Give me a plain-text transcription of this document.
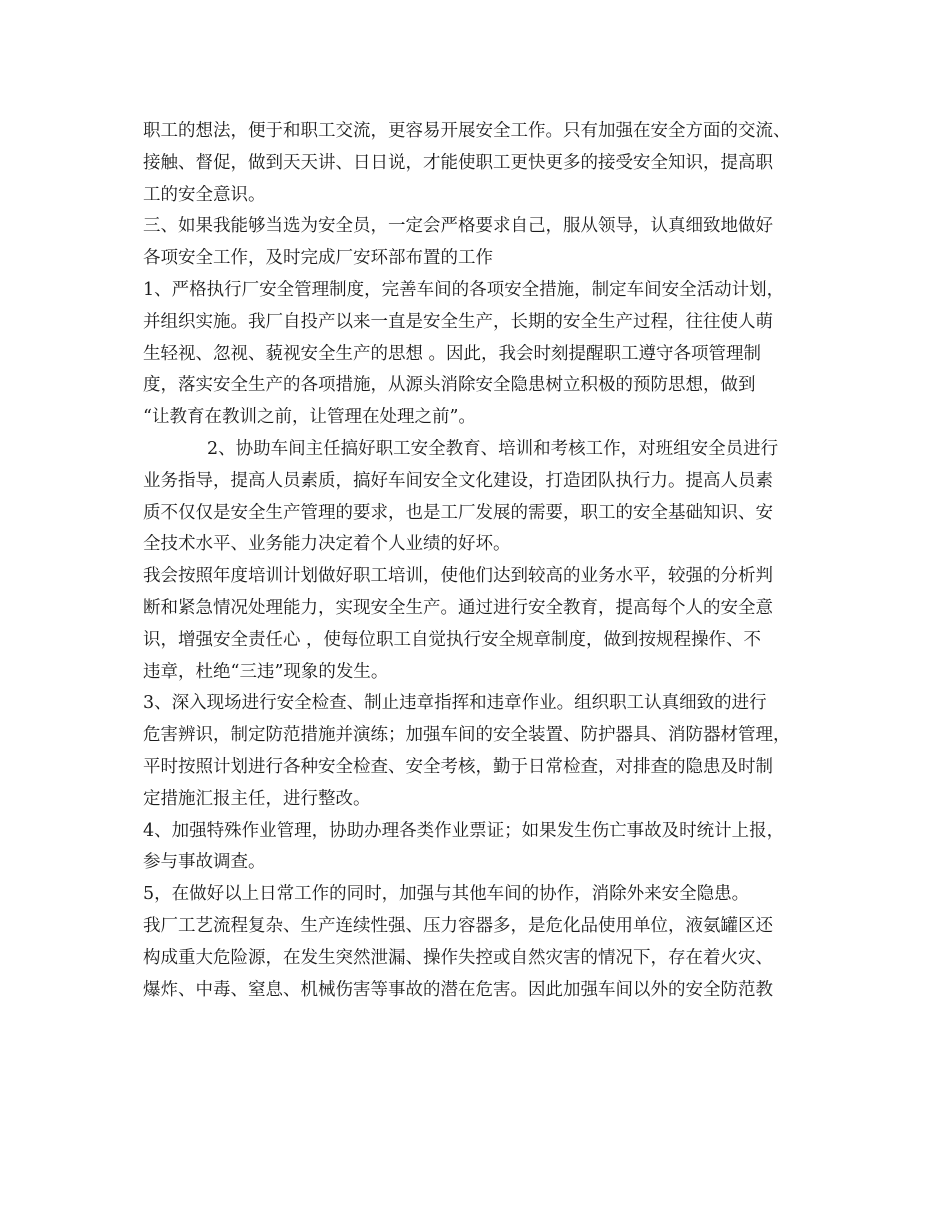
职工的想法，便于和职工交流，更容易开展安全工作。只有加强在安全方面的交流、
接触、督促，做到天天讲、日日说，才能使职工更快更多的接受安全知识，提高职
工的安全意识。
三、如果我能够当选为安全员，一定会严格要求自己，服从领导，认真细致地做好
各项安全工作，及时完成厂安环部布置的工作
1、严格执行厂安全管理制度，完善车间的各项安全措施，制定车间安全活动计划，
并组织实施。我厂自投产以来一直是安全生产，长期的安全生产过程，往往使人萌
生轻视、忽视、藐视安全生产的思想 。因此，我会时刻提醒职工遵守各项管理制
度，落实安全生产的各项措施，从源头消除安全隐患树立积极的预防思想，做到
“让教育在教训之前，让管理在处理之前”。
2、协助车间主任搞好职工安全教育、培训和考核工作，对班组安全员进行
业务指导，提高人员素质，搞好车间安全文化建设，打造团队执行力。提高人员素
质不仅仅是安全生产管理的要求，也是工厂发展的需要，职工的安全基础知识、安
全技术水平、业务能力决定着个人业绩的好坏。
我会按照年度培训计划做好职工培训，使他们达到较高的业务水平，较强的分析判
断和紧急情况处理能力，实现安全生产。通过进行安全教育，提高每个人的安全意
识，增强安全责任心 ，使每位职工自觉执行安全规章制度，做到按规程操作、不
违章，杜绝“三违”现象的发生。
3、深入现场进行安全检查、制止违章指挥和违章作业。组织职工认真细致的进行
危害辨识，制定防范措施并演练；加强车间的安全装置、防护器具、消防器材管理，
平时按照计划进行各种安全检查、安全考核，勤于日常检查，对排查的隐患及时制
定措施汇报主任，进行整改。
4、加强特殊作业管理，协助办理各类作业票证；如果发生伤亡事故及时统计上报，
参与事故调查。
5，在做好以上日常工作的同时，加强与其他车间的协作，消除外来安全隐患。
我厂工艺流程复杂、生产连续性强、压力容器多，是危化品使用单位，液氨罐区还
构成重大危险源，在发生突然泄漏、操作失控或自然灾害的情况下，存在着火灾、
爆炸、中毒、窒息、机械伤害等事故的潜在危害。因此加强车间以外的安全防范教
